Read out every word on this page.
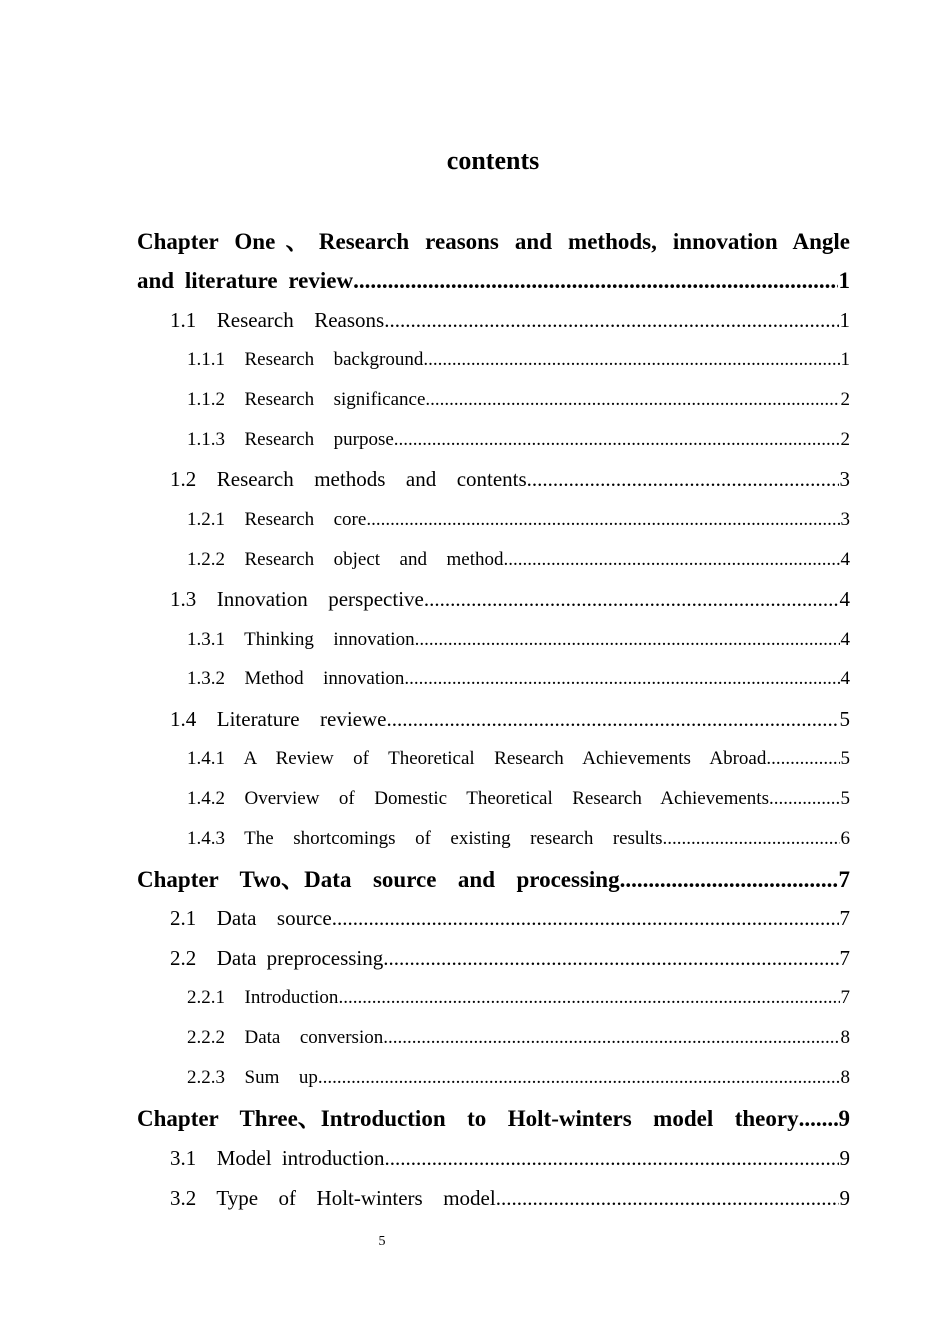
contents
Chapter One、Research reasons and methods, innovation Angle
and literature review .....	1
1.1  Research  Reasons .....	1
1.1.1  Research  background .....	1
1.1.2  Research  significance .....	2
1.1.3  Research  purpose .....	2
1.2  Research  methods  and  contents .....	3
1.2.1  Research  core .....	3
1.2.2  Research  object  and  method .....	4
1.3  Innovation  perspective .....	4
1.3.1  Thinking  innovation .....	4
1.3.2  Method  innovation .....	4
1.4  Literature  reviewe .....	5
1.4.1  A  Review  of  Theoretical  Research  Achievements  Abroad .....	5
1.4.2  Overview  of  Domestic  Theoretical  Research  Achievements .....	5
1.4.3  The  shortcomings  of  existing  research  results .....	6
Chapter  Two、Data  source  and  processing .....	7
2.1  Data  source .....	7
2.2  Data preprocessing .....	7
2.2.1  Introduction .....	7
2.2.2  Data  conversion .....	8
2.2.3  Sum  up .....	8
Chapter  Three、Introduction  to  Holt-winters  model  theory ..... 9
3.1  Model introduction .....	9
3.2  Type  of  Holt-winters  model .....	9
5
